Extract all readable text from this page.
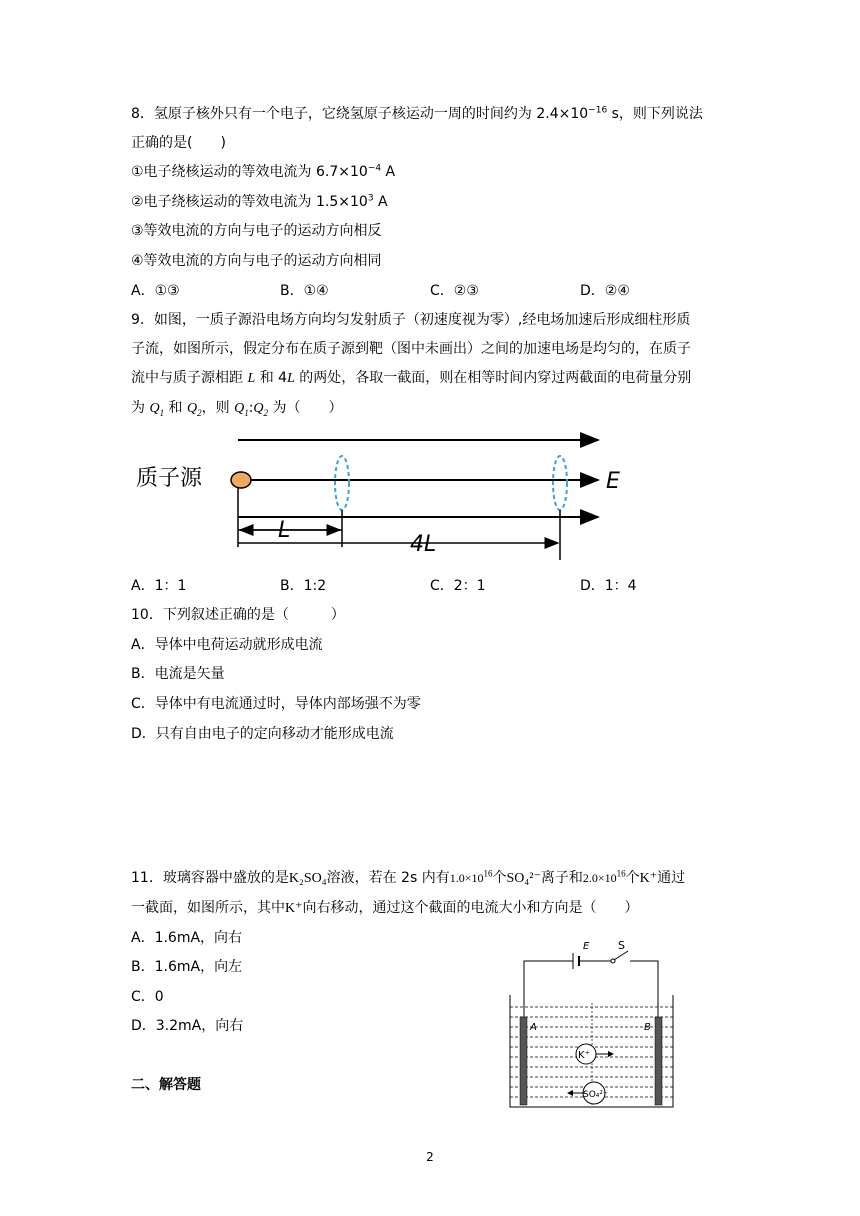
8．氢原子核外只有一个电子，它绕氢原子核运动一周的时间约为 $2.4\times 10^{-16}$ s，则下列说法
正确的是(　　)
①电子绕核运动的等效电流为 $6.7\times 10^{-4}$ A
②电子绕核运动的等效电流为 $1.5\times 10^3$ A
③等效电流的方向与电子的运动方向相反
④等效电流的方向与电子的运动方向相同
A．①③	B．①④	C．②③	D．②④
9．如图，一质子源沿电场方向均匀发射质子（初速度视为零）,经电场加速后形成细柱形质
子流，如图所示，假定分布在质子源到靶（图中未画出）之间的加速电场是均匀的，在质子
流中与质子源相距 L 和 4L 的两处，各取一截面，则在相等时间内穿过两截面的电荷量分别
为 $Q_1$ 和 $Q_2$，则 $Q_1:Q_2$ 为（　　）
质子源	E
L
4L
A．1：1	B．1:2	C．2：1	D．1：4
10．下列叙述正确的是（　　　）
A．导体中电荷运动就形成电流
B．电流是矢量
C．导体中有电流通过时，导体内部场强不为零
D．只有自由电子的定向移动才能形成电流
11．玻璃容器中盛放的是K₂SO₄溶液，若在 2s 内有$1.0\times 10^{16}$个SO₄²⁻离子和$2.0\times 10^{16}$个K⁺通过
一截面，如图所示，其中K⁺向右移动，通过这个截面的电流大小和方向是（　　）
A．1.6mA，向右
B．1.6mA，向左
C．0
D．3.2mA，向右
E	S
A	B
K⁺
SO₄²⁻
二、解答题
2
